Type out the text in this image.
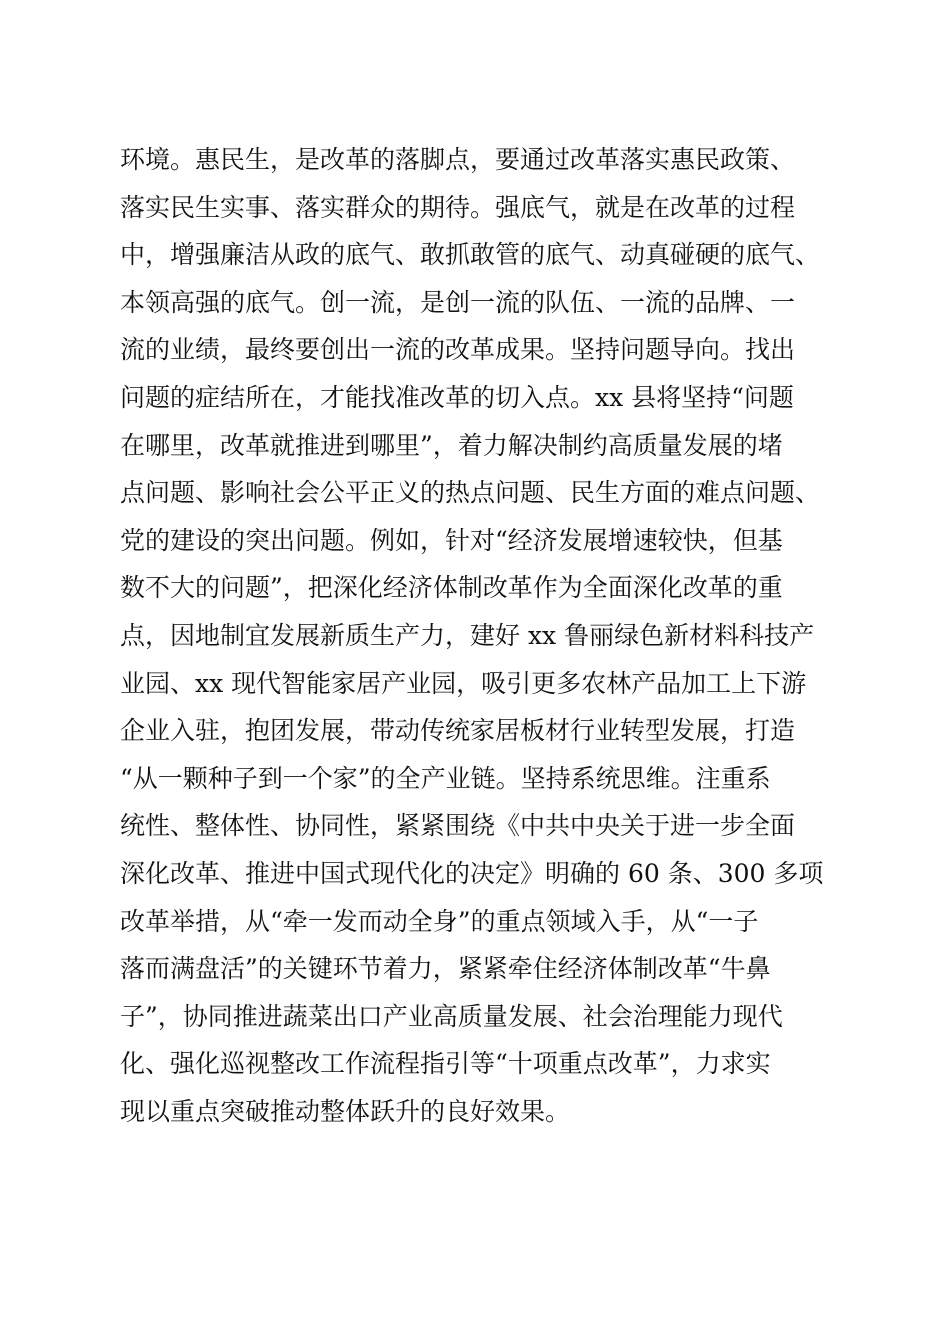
环境。惠民生，是改革的落脚点，要通过改革落实惠民政策、
落实民生实事、落实群众的期待。强底气，就是在改革的过程
中，增强廉洁从政的底气、敢抓敢管的底气、动真碰硬的底气、
本领高强的底气。创一流，是创一流的队伍、一流的品牌、一
流的业绩，最终要创出一流的改革成果。坚持问题导向。找出
问题的症结所在，才能找准改革的切入点。xx 县将坚持“问题
在哪里，改革就推进到哪里”，着力解决制约高质量发展的堵
点问题、影响社会公平正义的热点问题、民生方面的难点问题、
党的建设的突出问题。例如，针对“经济发展增速较快，但基
数不大的问题”，把深化经济体制改革作为全面深化改革的重
点，因地制宜发展新质生产力，建好 xx 鲁丽绿色新材料科技产
业园、xx 现代智能家居产业园，吸引更多农林产品加工上下游
企业入驻，抱团发展，带动传统家居板材行业转型发展，打造
“从一颗种子到一个家”的全产业链。坚持系统思维。注重系
统性、整体性、协同性，紧紧围绕《中共中央关于进一步全面
深化改革、推进中国式现代化的决定》明确的 60 条、300 多项
改革举措，从“牵一发而动全身”的重点领域入手，从“一子
落而满盘活”的关键环节着力，紧紧牵住经济体制改革“牛鼻
子”，协同推进蔬菜出口产业高质量发展、社会治理能力现代
化、强化巡视整改工作流程指引等“十项重点改革”，力求实
现以重点突破推动整体跃升的良好效果。
